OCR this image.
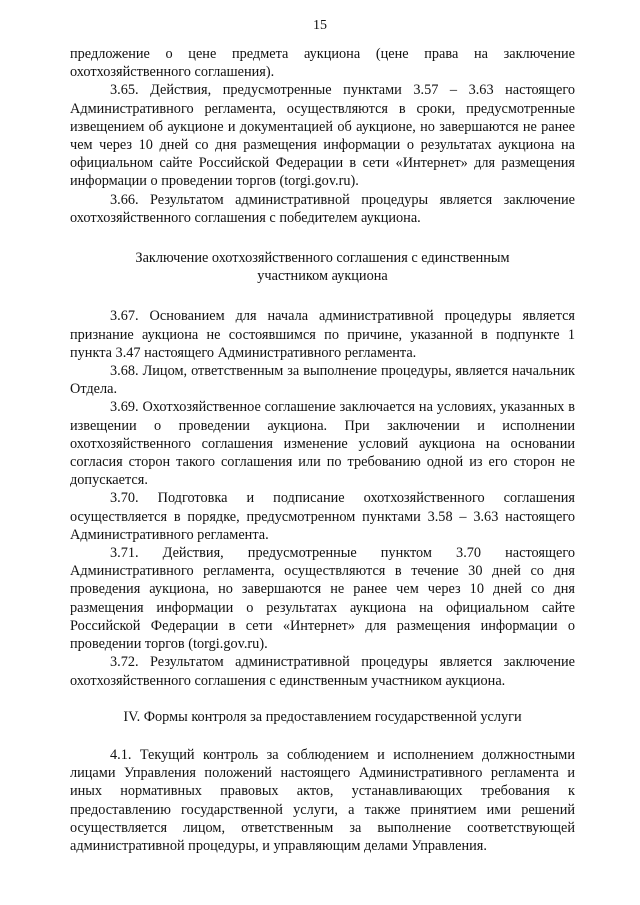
15

предложение о цене предмета аукциона (цене права на заключение охотхозяйственного соглашения).

3.65. Действия, предусмотренные пунктами 3.57 – 3.63 настоящего Административного регламента, осуществляются в сроки, предусмотренные извещением об аукционе и документацией об аукционе, но завершаются не ранее чем через 10 дней со дня размещения информации о результатах аукциона на официальном сайте Российской Федерации в сети «Интернет» для размещения информации о проведении торгов (torgi.gov.ru).

3.66. Результатом административной процедуры является заключение охотхозяйственного соглашения с победителем аукциона.

Заключение охотхозяйственного соглашения с единственным

участником аукциона

3.67. Основанием для начала административной процедуры является признание аукциона не состоявшимся по причине, указанной в подпункте 1 пункта 3.47 настоящего Административного регламента.

3.68. Лицом, ответственным за выполнение процедуры, является начальник Отдела.

3.69. Охотхозяйственное соглашение заключается на условиях, указанных в извещении о проведении аукциона. При заключении и исполнении охотхозяйственного соглашения изменение условий аукциона на основании согласия сторон такого соглашения или по требованию одной из его сторон не допускается.

3.70. Подготовка и подписание охотхозяйственного соглашения осуществляется в порядке, предусмотренном пунктами 3.58 – 3.63 настоящего Административного регламента.

3.71. Действия, предусмотренные пунктом 3.70 настоящего Административного регламента, осуществляются в течение 30 дней со дня проведения аукциона, но завершаются не ранее чем через 10 дней со дня размещения информации о результатах аукциона на официальном сайте Российской Федерации в сети «Интернет» для размещения информации о проведении торгов (torgi.gov.ru).

3.72. Результатом административной процедуры является заключение охотхозяйственного соглашения с единственным участником аукциона.

IV. Формы контроля за предоставлением государственной услуги

4.1. Текущий контроль за соблюдением и исполнением должностными лицами Управления положений настоящего Административного регламента и иных нормативных правовых актов, устанавливающих требования к предоставлению государственной услуги, а также принятием ими решений осуществляется лицом, ответственным за выполнение соответствующей административной процедуры, и управляющим делами Управления.
